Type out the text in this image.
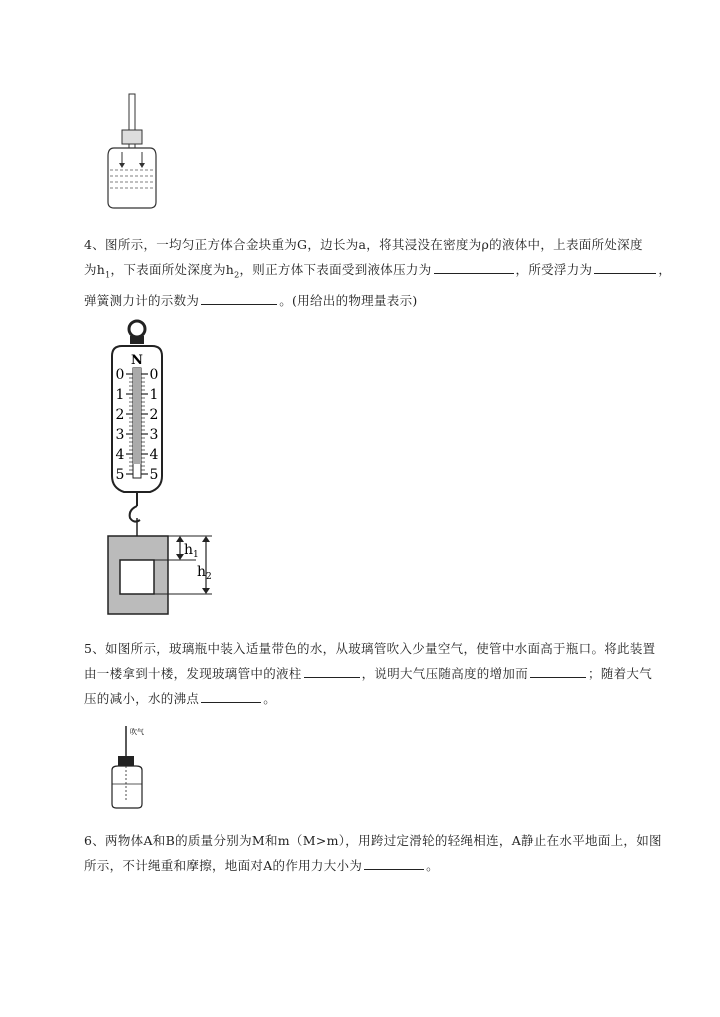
4、图所示，一均匀正方体合金块重为G，边长为a，将其浸没在密度为ρ的液体中，上表面所处深度
为$h_1$，下表面所处深度为$h_2$，则正方体下表面受到液体压力为	，所受浮力为	，
弹簧测力计的示数为	。(用给出的物理量表示)
N
0 0
1 1
2 2
3 3
4 4
5 5
$h_1$
$h_2$
5、如图所示，玻璃瓶中装入适量带色的水，从玻璃管吹入少量空气，使管中水面高于瓶口。将此装置
由一楼拿到十楼，发现玻璃管中的液柱	，说明大气压随高度的增加而	；随着大气
压的减小，水的沸点	。
吹气
6、两物体A和B的质量分别为M和m（M>m），用跨过定滑轮的轻绳相连，A静止在水平地面上，如图
所示，不计绳重和摩擦，地面对A的作用力大小为	。
